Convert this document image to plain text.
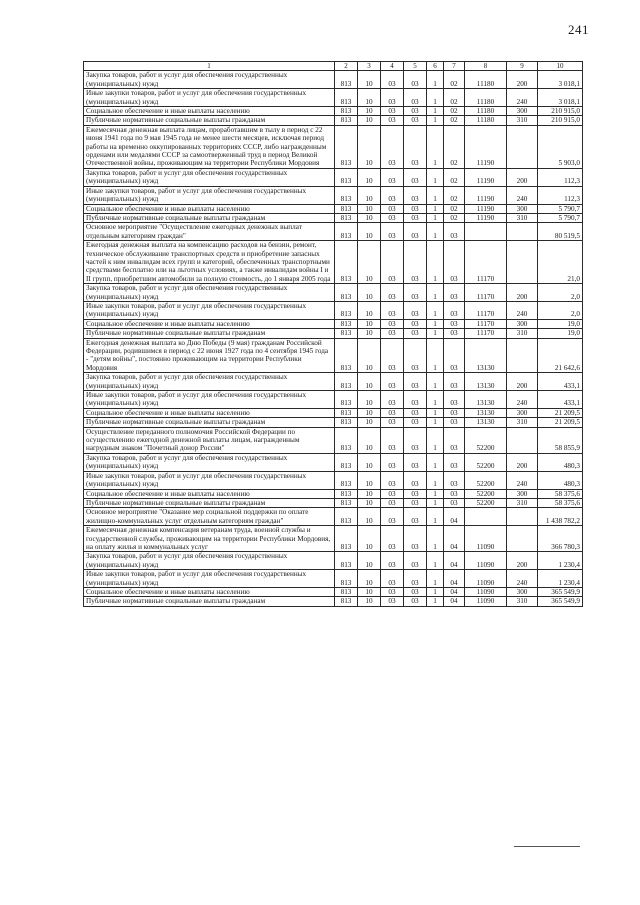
241
1	2	3	4	5	6	7	8	9	10
Закупка товаров, работ и услуг для обеспечения государственных (муниципальных) нужд	813	10	03	03	1	02	11180	200	3 018,1
Иные закупки товаров, работ и услуг для обеспечения государственных (муниципальных) нужд	813	10	03	03	1	02	11180	240	3 018,1
Социальное обеспечение и иные выплаты населению	813	10	03	03	1	02	11180	300	210 915,0
Публичные нормативные социальные выплаты гражданам	813	10	03	03	1	02	11180	310	210 915,0
Ежемесячная денежная выплата лицам, проработавшим в тылу в период с 22 июня 1941 года по 9 мая 1945 года не менее шести месяцев, исключая период работы на временно оккупированных территориях СССР, либо награжденным орденами или медалями СССР за самоотверженный труд в период Великой Отечественной войны, проживающим на территории Республики Мордовия	813	10	03	03	1	02	11190		5 903,0
Закупка товаров, работ и услуг для обеспечения государственных (муниципальных) нужд	813	10	03	03	1	02	11190	200	112,3
Иные закупки товаров, работ и услуг для обеспечения государственных (муниципальных) нужд	813	10	03	03	1	02	11190	240	112,3
Социальное обеспечение и иные выплаты населению	813	10	03	03	1	02	11190	300	5 790,7
Публичные нормативные социальные выплаты гражданам	813	10	03	03	1	02	11190	310	5 790,7
Основное мероприятие "Осуществление ежегодных денежных выплат отдельным категориям граждан"	813	10	03	03	1	03			80 519,5
Ежегодная денежная выплата на компенсацию расходов на бензин, ремонт, техническое обслуживание транспортных средств и приобретение запасных частей к ним инвалидам всех групп и категорий, обеспеченных транспортными средствами бесплатно или на льготных условиях, а также инвалидам войны I и II групп, приобретшим автомобили за полную стоимость, до 1 января 2005 года	813	10	03	03	1	03	11170		21,0
Закупка товаров, работ и услуг для обеспечения государственных (муниципальных) нужд	813	10	03	03	1	03	11170	200	2,0
Иные закупки товаров, работ и услуг для обеспечения государственных (муниципальных) нужд	813	10	03	03	1	03	11170	240	2,0
Социальное обеспечение и иные выплаты населению	813	10	03	03	1	03	11170	300	19,0
Публичные нормативные социальные выплаты гражданам	813	10	03	03	1	03	11170	310	19,0
Ежегодная денежная выплата ко Дню Победы (9 мая) гражданам Российской Федерации, родившимся в период с 22 июня 1927 года по 4 сентября 1945 года - "детям войны", постоянно проживающим на территории Республики Мордовия	813	10	03	03	1	03	13130		21 642,6
Закупка товаров, работ и услуг для обеспечения государственных (муниципальных) нужд	813	10	03	03	1	03	13130	200	433,1
Иные закупки товаров, работ и услуг для обеспечения государственных (муниципальных) нужд	813	10	03	03	1	03	13130	240	433,1
Социальное обеспечение и иные выплаты населению	813	10	03	03	1	03	13130	300	21 209,5
Публичные нормативные социальные выплаты гражданам	813	10	03	03	1	03	13130	310	21 209,5
Осуществление переданного полномочия Российской Федерации по осуществлению ежегодной денежной выплаты лицам, награжденным нагрудным знаком "Почетный донор России"	813	10	03	03	1	03	52200		58 855,9
Закупка товаров, работ и услуг для обеспечения государственных (муниципальных) нужд	813	10	03	03	1	03	52200	200	480,3
Иные закупки товаров, работ и услуг для обеспечения государственных (муниципальных) нужд	813	10	03	03	1	03	52200	240	480,3
Социальное обеспечение и иные выплаты населению	813	10	03	03	1	03	52200	300	58 375,6
Публичные нормативные социальные выплаты гражданам	813	10	03	03	1	03	52200	310	58 375,6
Основное мероприятие "Оказание мер социальной поддержки по оплате жилищно-коммунальных услуг отдельным категориям граждан"	813	10	03	03	1	04			1 438 782,2
Ежемесячная денежная компенсация ветеранам труда, военной службы и государственной службы, проживающим на территории Республики Мордовия, на оплату жилья и коммунальных услуг	813	10	03	03	1	04	11090		366 780,3
Закупка товаров, работ и услуг для обеспечения государственных (муниципальных) нужд	813	10	03	03	1	04	11090	200	1 230,4
Иные закупки товаров, работ и услуг для обеспечения государственных (муниципальных) нужд	813	10	03	03	1	04	11090	240	1 230,4
Социальное обеспечение и иные выплаты населению	813	10	03	03	1	04	11090	300	365 549,9
Публичные нормативные социальные выплаты гражданам	813	10	03	03	1	04	11090	310	365 549,9
